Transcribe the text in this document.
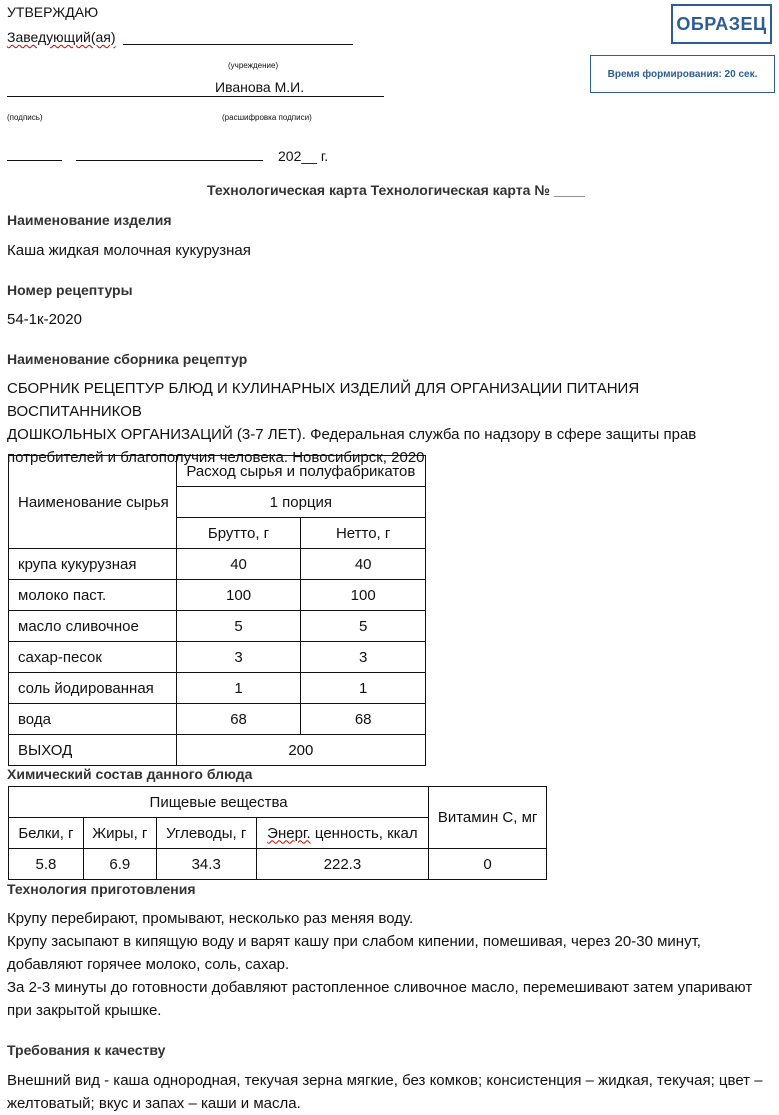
УТВЕРЖДАЮ
Заведующий(ая)
(учреждение)
Иванова М.И.
(подпись)	(расшифровка подписи)
202__ г.
ОБРАЗЕЦ
Время формирования: 20 сек.
Технологическая карта Технологическая карта № ____
Наименование изделия
Каша жидкая молочная кукурузная
Номер рецептуры
54-1к-2020
Наименование сборника рецептур
СБОРНИК РЕЦЕПТУР БЛЮД И КУЛИНАРНЫХ ИЗДЕЛИЙ ДЛЯ ОРГАНИЗАЦИИ ПИТАНИЯ ВОСПИТАННИКОВ
ДОШКОЛЬНЫХ ОРГАНИЗАЦИЙ (3-7 ЛЕТ). Федеральная служба по надзору в сфере защиты прав
потребителей и благополучия человека. Новосибирск, 2020
Наименование сырья	Расход сырья и полуфабрикатов	
	1 порция	
	Брутто, г	Нетто, г
крупа кукурузная	40	40
молоко паст.	100	100
масло сливочное	5	5
сахар-песок	3	3
соль йодированная	1	1
вода	68	68
ВЫХОД	200	
Химический состав данного блюда
Пищевые вещества				Витамин С, мг
Белки, г	Жиры, г	Углеводы, г	Энерг. ценность, ккал	
5.8	6.9	34.3	222.3	0
Технология приготовления
Крупу перебирают, промывают, несколько раз меняя воду.
Крупу засыпают в кипящую воду и варят кашу при слабом кипении, помешивая, через 20-30 минут,
добавляют горячее молоко, соль, сахар.
За 2-3 минуты до готовности добавляют растопленное сливочное масло, перемешивают затем упаривают
при закрытой крышке.
Требования к качеству
Внешний вид - каша однородная, текучая зерна мягкие, без комков; консистенция – жидкая, текучая; цвет –
желтоватый; вкус и запах – каши и масла.
